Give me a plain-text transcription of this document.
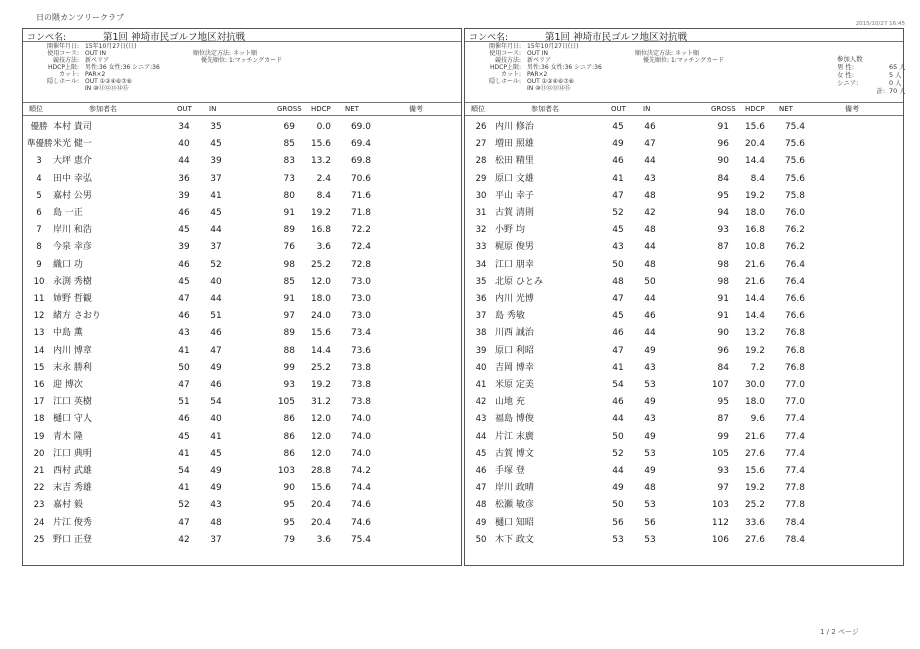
日の隈カンツリークラブ
コンペ名:	第1回 神埼市民ゴルフ地区対抗戦
開催年月日: 15年10月27日(日)
使用コース: OUT IN
競技方法: 新ペリア
HDCP上限: 男性:36 女性:36 シニア:36
カット: PAR×2
隠しホール: OUT ①②④⑥⑦⑧
IN ⑩⑪⑫⑬⑭⑮
順位決定方法: ネット順
優先順位: 1:マッチングカード
順位	参加者名	OUT IN	GROSS HDCP NET	備考
優勝 本村 貴司	34	35	69	0.0	69.0
準優勝 米光 健一	40	45	85	15.6	69.4
3	大坪 恵介	44	39	83	13.2	69.8
4	田中 幸弘	36	37	73	2.4	70.6
5	嘉村 公男	39	41	80	8.4	71.6
6	島 一正	46	45	91	19.2	71.8
7	岸川 和浩	45	44	89	16.8	72.2
8	今泉 幸彦	39	37	76	3.6	72.4
9	織口 功	46	52	98	25.2	72.8
10 永渕 秀樹	45	40	85	12.0	73.0
11 姉野 哲観	47	44	91	18.0	73.0
12 緒方 さおり	46	51	97	24.0	73.0
13 中島 薫	43	46	89	15.6	73.4
14 内川 博章	41	47	88	14.4	73.6
15 末永 勝利	50	49	99	25.2	73.8
16 迎 博次	47	46	93	19.2	73.8
17 江口 英樹	51	54	105	31.2	73.8
18 樋口 守人	46	40	86	12.0	74.0
19 青木 隆	45	41	86	12.0	74.0
20 江口 典明	41	45	86	12.0	74.0
21 西村 武雄	54	49	103	28.8	74.2
22 末吉 秀雄	41	49	90	15.6	74.4
23 嘉村 毅	52	43	95	20.4	74.6
24 片江 俊秀	47	48	95	20.4	74.6
25 野口 正登	42	37	79	3.6	75.4
コンペ名:	第1回 神埼市民ゴルフ地区対抗戦
2015/10/27 16:45
開催年月日: 15年10月27日(日)
使用コース: OUT IN
競技方法: 新ペリア
HDCP上限: 男性:36 女性:36 シニア:36
カット: PAR×2
隠しホール: OUT ①②④⑥⑦⑧
IN ⑩⑪⑫⑬⑭⑮
順位決定方法: ネット順
優先順位: 1:マッチングカード	参加人数
男 性:	65 人
女 性:	5 人
シニア:	0 人
計: 70 人
順位	参加者名	OUT IN	GROSS HDCP NET	備考
26 内川 修治	45	46	91	15.6	75.4
27 増田 照雄	49	47	96	20.4	75.6
28 松田 精里	46	44	90	14.4	75.6
29 原口 文雄	41	43	84	8.4	75.6
30 平山 幸子	47	48	95	19.2	75.8
31 古賀 清則	52	42	94	18.0	76.0
32 小野 均	45	48	93	16.8	76.2
33 梶原 俊男	43	44	87	10.8	76.2
34 江口 朋幸	50	48	98	21.6	76.4
35 北原 ひとみ	48	50	98	21.6	76.4
36 内川 光博	47	44	91	14.4	76.6
37 島 秀敏	45	46	91	14.4	76.6
38 川西 誠治	46	44	90	13.2	76.8
39 原口 利昭	47	49	96	19.2	76.8
40 吉岡 博幸	41	43	84	7.2	76.8
41 米原 定美	54	53	107	30.0	77.0
42 山地 充	46	49	95	18.0	77.0
43 福島 博俊	44	43	87	9.6	77.4
44 片江 末廣	50	49	99	21.6	77.4
45 古賀 博文	52	53	105	27.6	77.4
46 手塚 登	44	49	93	15.6	77.4
47 岸川 政晴	49	48	97	19.2	77.8
48 松瀬 敏彦	50	53	103	25.2	77.8
49 樋口 知昭	56	56	112	33.6	78.4
50 木下 政文	53	53	106	27.6	78.4
1 / 2 ページ
